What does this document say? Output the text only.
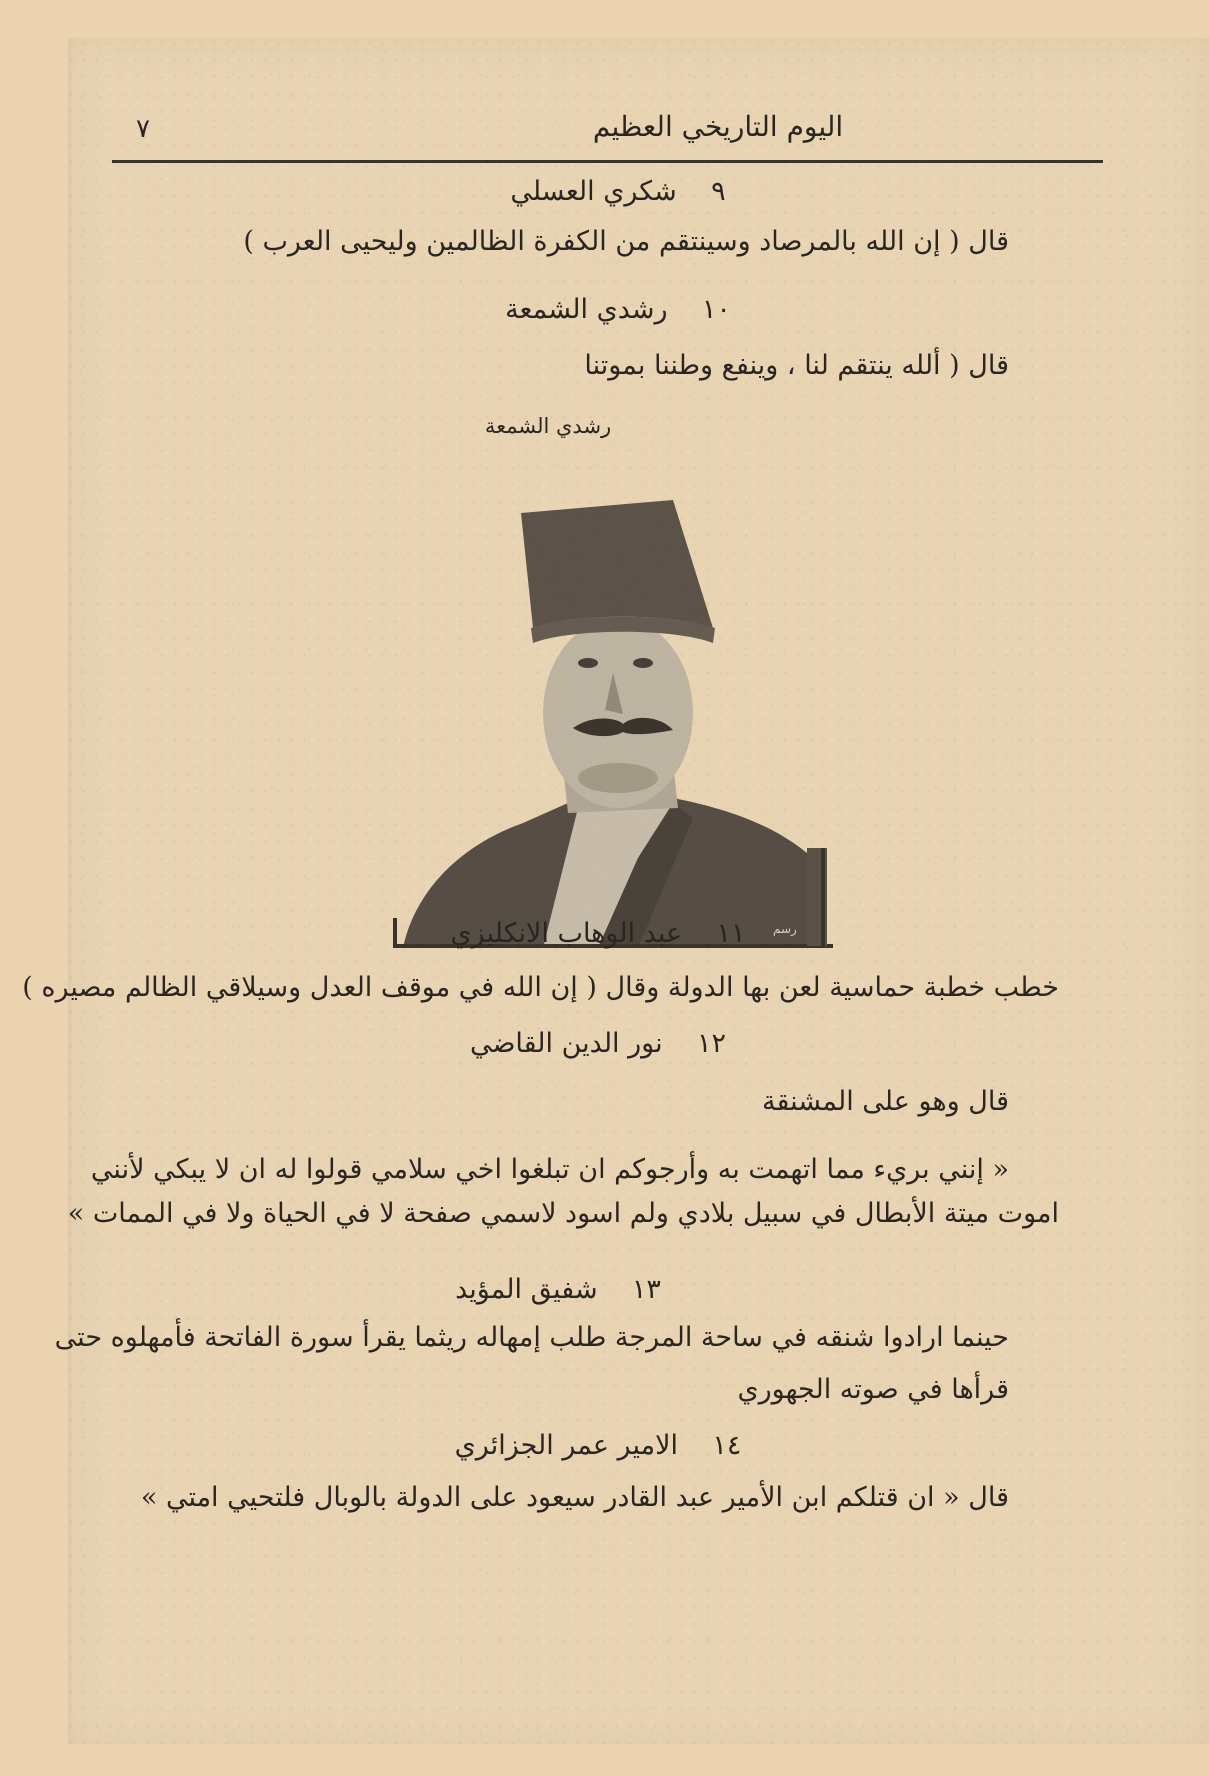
٧	اليوم التاريخي العظيم
٩    شكري العسلي
قال ( إن الله بالمرصاد وسينتقم من الكفرة الظالمين وليحيى العرب )
١٠    رشدي الشمعة
قال ( ألله ينتقم لنا ، وينفع وطننا بموتنا
رشدي الشمعة
رسم
١١    عبد الوهاب الانكليزي
خطب خطبة حماسية لعن بها الدولة وقال ( إن الله في موقف العدل وسيلاقي الظالم مصيره )
١٢    نور الدين القاضي
قال وهو على المشنقة
« إنني بريء مما اتهمت به وأرجوكم ان تبلغوا اخي سلامي قولوا له ان لا يبكي لأنني
اموت ميتة الأبطال في سبيل بلادي ولم اسود لاسمي صفحة لا في الحياة ولا في الممات »
١٣    شفيق المؤيد
حينما ارادوا شنقه في ساحة المرجة طلب إمهاله ريثما يقرأ سورة الفاتحة فأمهلوه حتى
قرأها في صوته الجهوري
١٤    الامير عمر الجزائري
قال « ان قتلكم ابن الأمير عبد القادر سيعود على الدولة بالوبال فلتحيي امتي »
